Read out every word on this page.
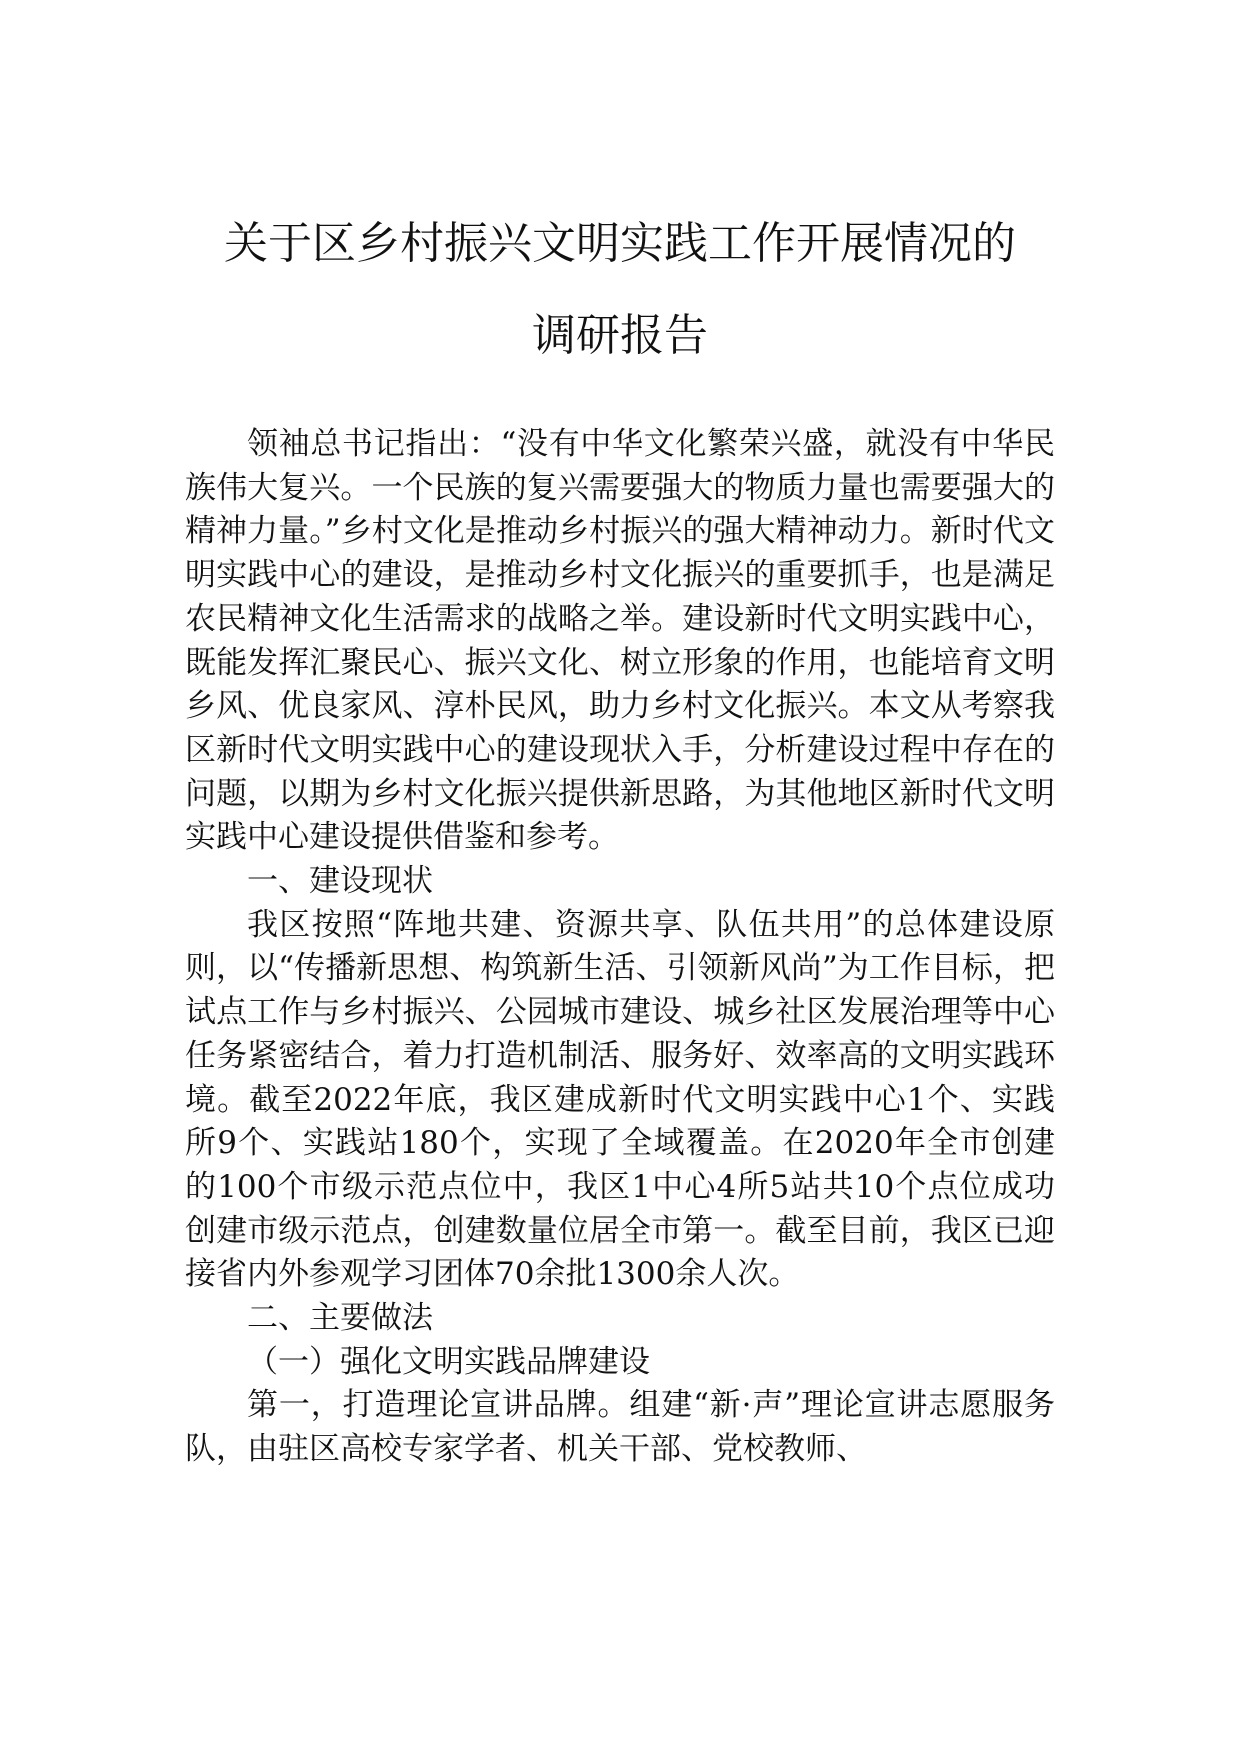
关于区乡村振兴文明实践工作开展情况的
调研报告

领袖总书记指出：“没有中华文化繁荣兴盛，就没有中华民族伟大复兴。一个民族的复兴需要强大的物质力量也需要强大的精神力量。”乡村文化是推动乡村振兴的强大精神动力。新时代文明实践中心的建设，是推动乡村文化振兴的重要抓手，也是满足农民精神文化生活需求的战略之举。建设新时代文明实践中心，既能发挥汇聚民心、振兴文化、树立形象的作用，也能培育文明乡风、优良家风、淳朴民风，助力乡村文化振兴。本文从考察我区新时代文明实践中心的建设现状入手，分析建设过程中存在的问题，以期为乡村文化振兴提供新思路，为其他地区新时代文明实践中心建设提供借鉴和参考。

一、建设现状

我区按照“阵地共建、资源共享、队伍共用”的总体建设原则，以“传播新思想、构筑新生活、引领新风尚”为工作目标，把试点工作与乡村振兴、公园城市建设、城乡社区发展治理等中心任务紧密结合，着力打造机制活、服务好、效率高的文明实践环境。截至2022年底，我区建成新时代文明实践中心1个、实践所9个、实践站180个，实现了全域覆盖。在2020年全市创建的100个市级示范点位中，我区1中心4所5站共10个点位成功创建市级示范点，创建数量位居全市第一。截至目前，我区已迎接省内外参观学习团体70余批1300余人次。

二、主要做法

（一）强化文明实践品牌建设

第一，打造理论宣讲品牌。组建“新·声”理论宣讲志愿服务队，由驻区高校专家学者、机关干部、党校教师、
